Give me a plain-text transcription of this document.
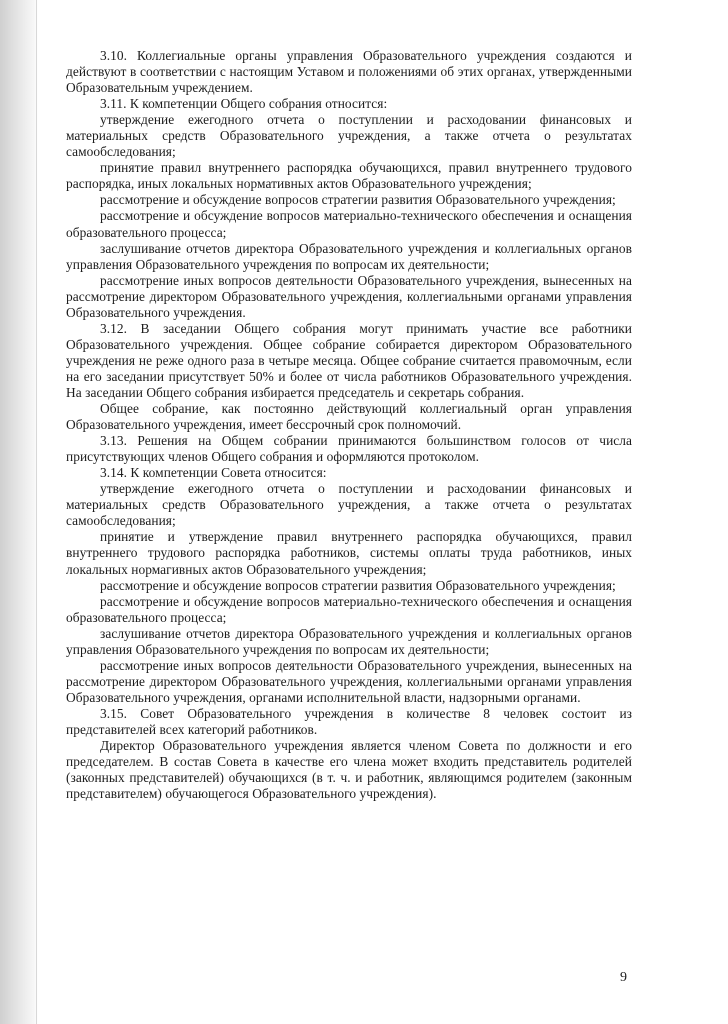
3.10. Коллегиальные органы управления Образовательного учреждения создаются и действуют в соответствии с настоящим Уставом и положениями об этих органах, утвержденными Образовательным учреждением.

3.11. К компетенции Общего собрания относится:

утверждение ежегодного отчета о поступлении и расходовании финансовых и материальных средств Образовательного учреждения, а также отчета о результатах самообследования;

принятие правил внутреннего распорядка обучающихся, правил внутреннего трудового распорядка, иных локальных нормативных актов Образовательного учреждения;

рассмотрение и обсуждение вопросов стратегии развития Образовательного учреждения;

рассмотрение и обсуждение вопросов материально-технического обеспечения и оснащения образовательного процесса;

заслушивание отчетов директора Образовательного учреждения и коллегиальных органов управления Образовательного учреждения по вопросам их деятельности;

рассмотрение иных вопросов деятельности Образовательного учреждения, вынесенных на рассмотрение директором Образовательного учреждения, коллегиальными органами управления Образовательного учреждения.

3.12. В заседании Общего собрания могут принимать участие все работники Образовательного учреждения. Общее собрание собирается директором Образовательного учреждения не реже одного раза в четыре месяца. Общее собрание считается правомочным, если на его заседании присутствует 50% и более от числа работников Образовательного учреждения. На заседании Общего собрания избирается председатель и секретарь собрания.

Общее собрание, как постоянно действующий коллегиальный орган управления Образовательного учреждения, имеет бессрочный срок полномочий.

3.13. Решения на Общем собрании принимаются большинством голосов от числа присутствующих членов Общего собрания и оформляются протоколом.

3.14. К компетенции Совета относится:

утверждение ежегодного отчета о поступлении и расходовании финансовых и материальных средств Образовательного учреждения, а также отчета о результатах самообследования;

принятие и утверждение правил внутреннего распорядка обучающихся, правил внутреннего трудового распорядка работников, системы оплаты труда работников, иных локальных нормагивных актов Образовательного учреждения;

рассмотрение и обсуждение вопросов стратегии развития Образовательного учреждения;

рассмотрение и обсуждение вопросов материально-технического обеспечения и оснащения образовательного процесса;

заслушивание отчетов директора Образовательного учреждения и коллегиальных органов управления Образовательного учреждения по вопросам их деятельности;

рассмотрение иных вопросов деятельности Образовательного учреждения, вынесенных на рассмотрение директором Образовательного учреждения, коллегиальными органами управления Образовательного учреждения, органами исполнительной власти, надзорными органами.

3.15. Совет Образовательного учреждения в количестве 8 человек состоит из представителей всех категорий работников.

Директор Образовательного учреждения является членом Совета по должности и его председателем. В состав Совета в качестве его члена может входить представитель родителей (законных представителей) обучающихся (в т. ч. и работник, являющимся родителем (законным представителем) обучающегося Образовательного учреждения).

9
